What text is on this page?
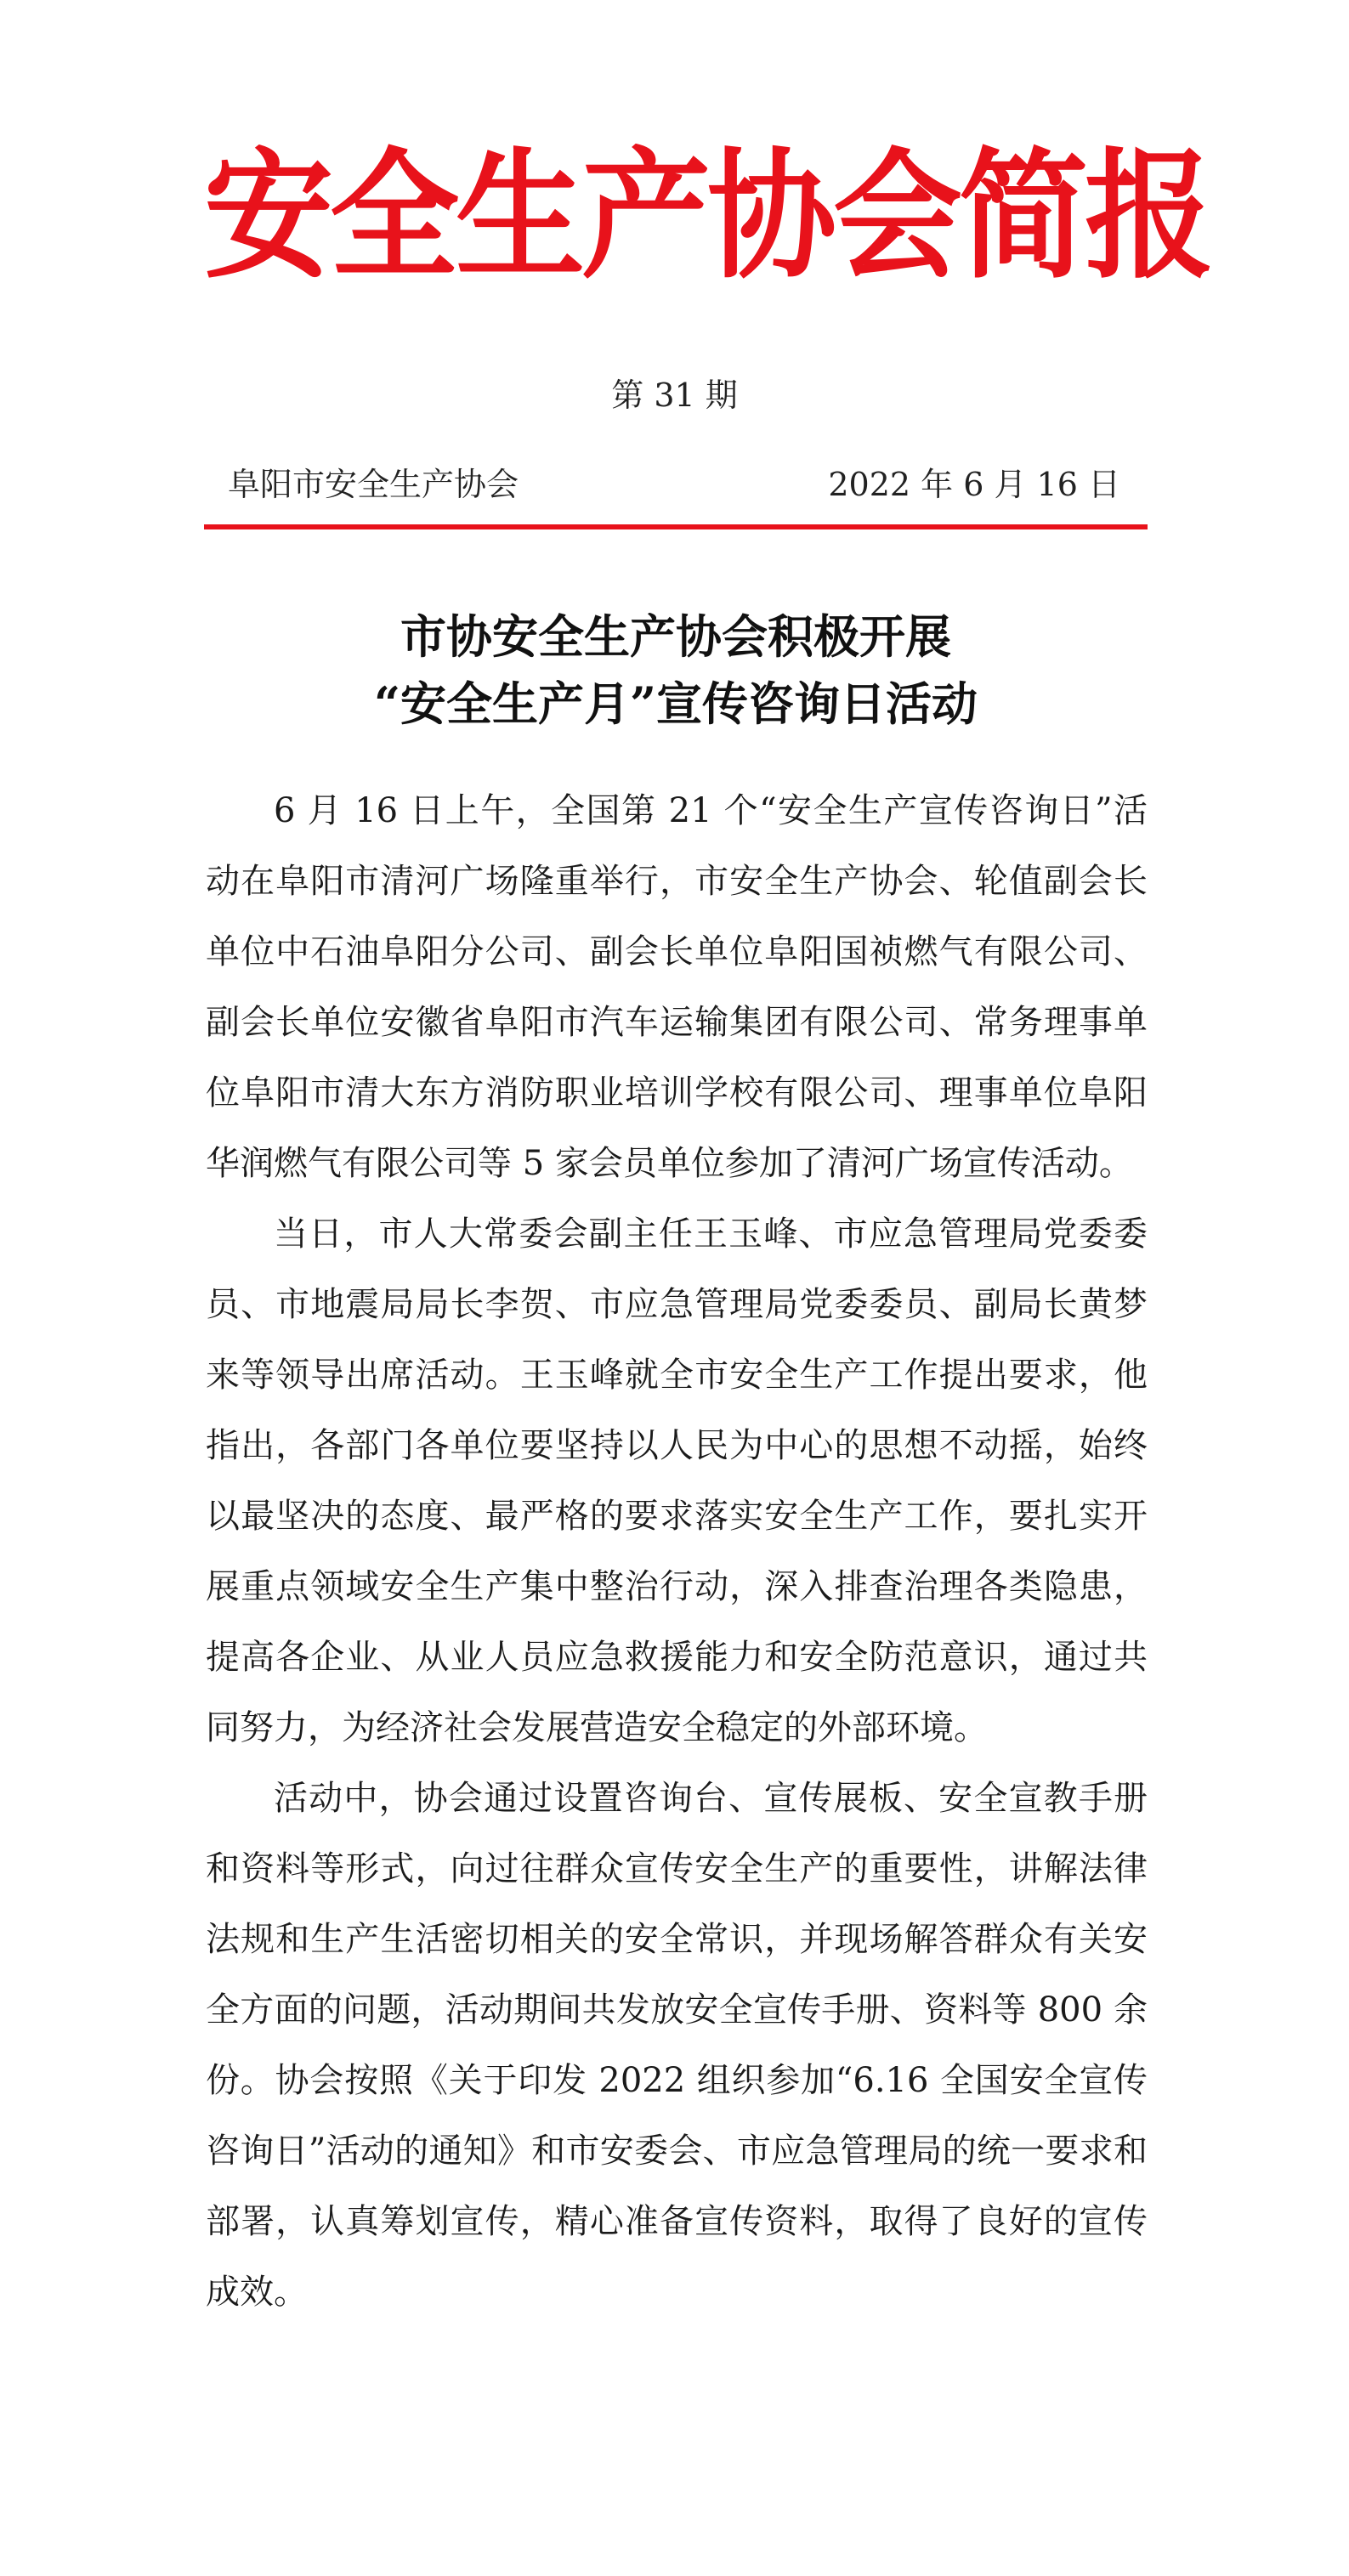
安全生产协会简报
第 31 期
阜阳市安全生产协会	2022 年 6 月 16 日
市协安全生产协会积极开展
“安全生产月”宣传咨询日活动

6 月 16 日上午，全国第 21 个“安全生产宣传咨询日”活动在阜阳市清河广场隆重举行，市安全生产协会、轮值副会长单位中石油阜阳分公司、副会长单位阜阳国祯燃气有限公司、副会长单位安徽省阜阳市汽车运输集团有限公司、常务理事单位阜阳市清大东方消防职业培训学校有限公司、理事单位阜阳华润燃气有限公司等 5 家会员单位参加了清河广场宣传活动。

当日，市人大常委会副主任王玉峰、市应急管理局党委委员、市地震局局长李贺、市应急管理局党委委员、副局长黄梦来等领导出席活动。王玉峰就全市安全生产工作提出要求，他指出，各部门各单位要坚持以人民为中心的思想不动摇，始终以最坚决的态度、最严格的要求落实安全生产工作，要扎实开展重点领域安全生产集中整治行动，深入排查治理各类隐患，提高各企业、从业人员应急救援能力和安全防范意识，通过共同努力，为经济社会发展营造安全稳定的外部环境。

活动中，协会通过设置咨询台、宣传展板、安全宣教手册和资料等形式，向过往群众宣传安全生产的重要性，讲解法律法规和生产生活密切相关的安全常识，并现场解答群众有关安全方面的问题，活动期间共发放安全宣传手册、资料等 800 余份。协会按照《关于印发 2022 组织参加“6.16 全国安全宣传咨询日”活动的通知》和市安委会、市应急管理局的统一要求和部署，认真筹划宣传，精心准备宣传资料，取得了良好的宣传成效。
